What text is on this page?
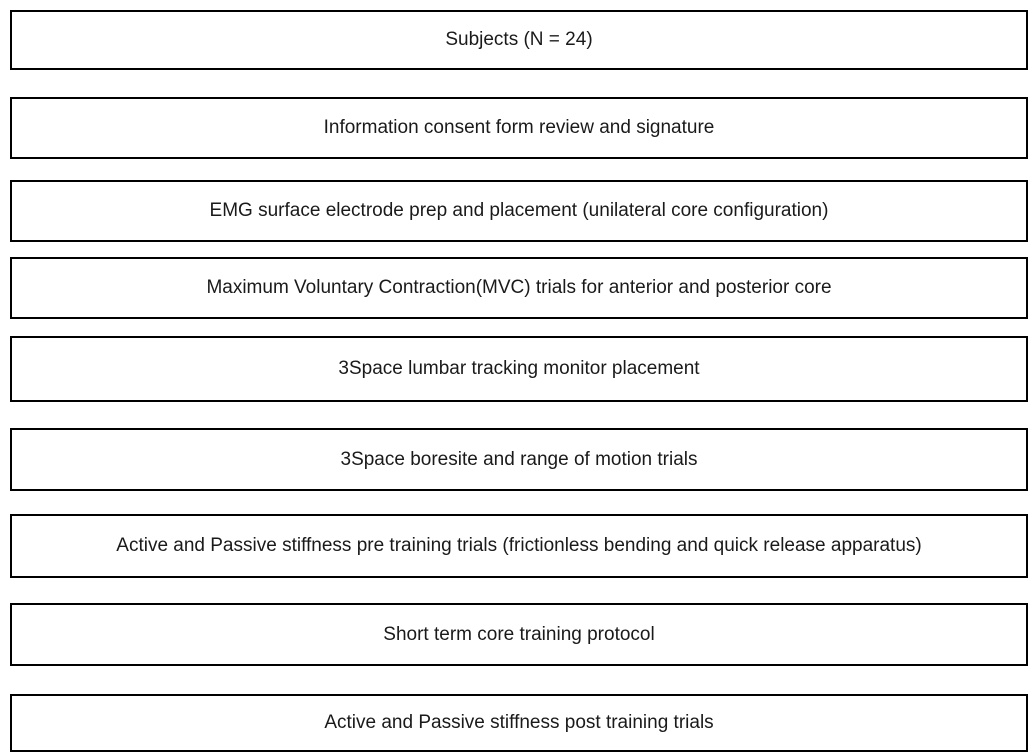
Subjects (N = 24)
Information consent form review and signature
EMG surface electrode prep and placement (unilateral core configuration)
Maximum Voluntary Contraction(MVC) trials for anterior and posterior core
3Space lumbar tracking monitor placement
3Space boresite and range of motion trials
Active and Passive stiffness pre training trials (frictionless bending and quick release apparatus)
Short term core training protocol
Active and Passive stiffness post training trials
